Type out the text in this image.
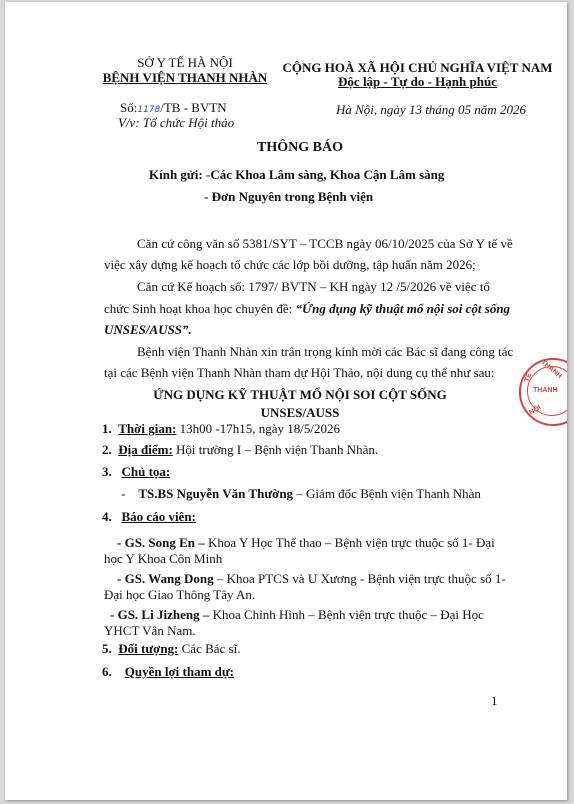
SỞ Y TẾ HÀ NỘI
BỆNH VIỆN THANH NHÀN
CỘNG HOÀ XÃ HỘI CHỦ NGHĨA VIỆT NAM
Độc lập - Tự do - Hạnh phúc
Số:1178/TB - BVTN
V/v: Tổ chức Hội thảo
Hà Nội, ngày 13 tháng 05 năm 2026
THÔNG BÁO
Kính gửi: -Các Khoa Lâm sàng, Khoa Cận Lâm sàng
- Đơn Nguyên trong Bệnh viện
Căn cứ công văn số 5381/SYT – TCCB ngày 06/10/2025 của Sở Y tế về
việc xây dựng kế hoạch tổ chức các lớp bồi dưỡng, tập huấn năm 2026;
Căn cứ Kế hoạch số: 1797/ BVTN – KH ngày 12 /5/2026 về việc tổ
chức Sinh hoạt khoa học chuyên đề: “Ứng dụng kỹ thuật mổ nội soi cột sống
UNSES/AUSS”.
Bệnh viện Thanh Nhàn xin trân trọng kính mời các Bác sĩ đang công tác
tại các Bệnh viện Thanh Nhàn tham dự Hội Thảo, nội dung cụ thể như sau:
ỨNG DỤNG KỸ THUẬT MỔ NỘI SOI CỘT SỐNG
UNSES/AUSS
1. Thời gian: 13h00 -17h15, ngày 18/5/2026
2. Địa điểm: Hội trường I – Bệnh viện Thanh Nhàn.
3. Chủ tọa:
- TS.BS Nguyễn Văn Thường – Giám đốc Bệnh viện Thanh Nhàn
4. Báo cáo viên:
- GS. Song En – Khoa Y Học Thể thao – Bệnh viện trực thuộc số 1- Đại
học Y Khoa Côn Minh
- GS. Wang Dong – Khoa PTCS và U Xương - Bệnh viện trực thuộc số 1-
Đại học Giao Thông Tây An.
- GS. Li Jizheng – Khoa Chỉnh Hình – Bệnh viện trực thuộc – Đại Học
YHCT Vân Nam.
5. Đối tượng: Các Bác sĩ.
6. Quyền lợi tham dự:
1
THANH
THANH
TẾ
NỘI
